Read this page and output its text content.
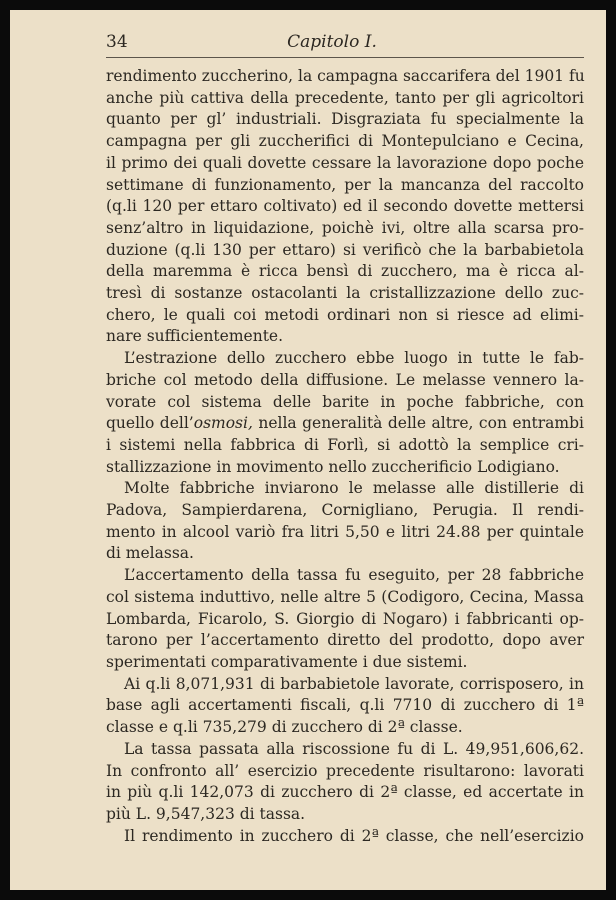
34	Capitolo I.
rendimento zuccherino, la campagna saccarifera del 1901 fu
anche più cattiva della precedente, tanto per gli agricoltori
quanto per gl’ industriali. Disgraziata fu specialmente la
campagna per gli zuccherifici di Montepulciano e Cecina,
il primo dei quali dovette cessare la lavorazione dopo poche
settimane di funzionamento, per la mancanza del raccolto
(q.li 120 per ettaro coltivato) ed il secondo dovette mettersi
senz’altro in liquidazione, poichè ivi, oltre alla scarsa pro-
duzione (q.li 130 per ettaro) si verificò che la barbabietola
della maremma è ricca bensì di zucchero, ma è ricca al-
tresì di sostanze ostacolanti la cristallizzazione dello zuc-
chero, le quali coi metodi ordinari non si riesce ad elimi-
nare sufficientemente.
L’estrazione dello zucchero ebbe luogo in tutte le fab-
briche col metodo della diffusione. Le melasse vennero la-
vorate col sistema delle barite in poche fabbriche, con
quello dell’osmosi, nella generalità delle altre, con entrambi
i sistemi nella fabbrica di Forlì, si adottò la semplice cri-
stallizzazione in movimento nello zuccherificio Lodigiano.
Molte fabbriche inviarono le melasse alle distillerie di
Padova, Sampierdarena, Cornigliano, Perugia. Il rendi-
mento in alcool variò fra litri 5,50 e litri 24.88 per quintale
di melassa.
L’accertamento della tassa fu eseguito, per 28 fabbriche
col sistema induttivo, nelle altre 5 (Codigoro, Cecina, Massa
Lombarda, Ficarolo, S. Giorgio di Nogaro) i fabbricanti op-
tarono per l’accertamento diretto del prodotto, dopo aver
sperimentati comparativamente i due sistemi.
Ai q.li 8,071,931 di barbabietole lavorate, corrisposero, in
base agli accertamenti fiscali, q.li 7710 di zucchero di 1ª
classe e q.li 735,279 di zucchero di 2ª classe.
La tassa passata alla riscossione fu di L. 49,951,606,62.
In confronto all’ esercizio precedente risultarono: lavorati
in più q.li 142,073 di zucchero di 2ª classe, ed accertate in
più L. 9,547,323 di tassa.
Il rendimento in zucchero di 2ª classe, che nell’esercizio
